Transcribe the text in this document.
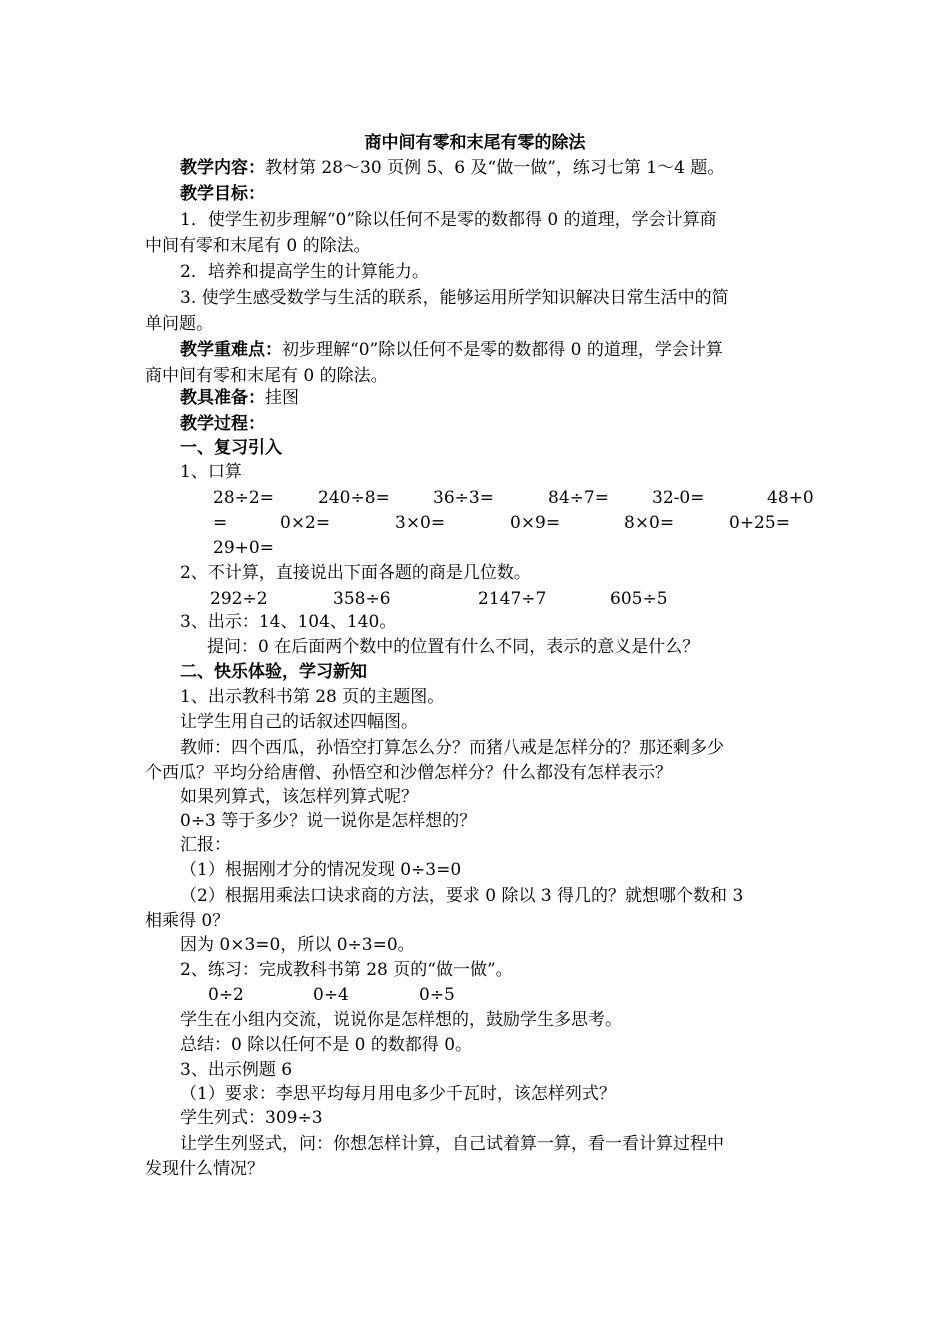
商中间有零和末尾有零的除法
教学内容：教材第 28～30 页例 5、6 及“做一做”，练习七第 1～4 题。
教学目标：
1．使学生初步理解“0”除以任何不是零的数都得 0 的道理，学会计算商
中间有零和末尾有 0 的除法。
2．培养和提高学生的计算能力。
3. 使学生感受数学与生活的联系，能够运用所学知识解决日常生活中的简
单问题。
教学重难点：初步理解“0”除以任何不是零的数都得 0 的道理，学会计算
商中间有零和末尾有 0 的除法。
教具准备：挂图
教学过程：
一、复习引入
1、口算
28÷2=	240÷8=	36÷3=	84÷7=	32-0=	48+0
=	0×2=	3×0=	0×9=	8×0=	0+25=
29+0=
2、不计算，直接说出下面各题的商是几位数。
292÷2	358÷6	2147÷7	605÷5
3、出示：14、104、140。
提问：0 在后面两个数中的位置有什么不同，表示的意义是什么？
二、快乐体验，学习新知
1、出示教科书第 28 页的主题图。
让学生用自己的话叙述四幅图。
教师：四个西瓜，孙悟空打算怎么分？而猪八戒是怎样分的？那还剩多少
个西瓜？平均分给唐僧、孙悟空和沙僧怎样分？什么都没有怎样表示？
如果列算式，该怎样列算式呢？
0÷3 等于多少？说一说你是怎样想的？
汇报：
（1）根据刚才分的情况发现 0÷3=0
（2）根据用乘法口诀求商的方法，要求 0 除以 3 得几的？就想哪个数和 3
相乘得 0？
因为 0×3=0，所以 0÷3=0。
2、练习：完成教科书第 28 页的“做一做”。
0÷2	0÷4	0÷5
学生在小组内交流，说说你是怎样想的，鼓励学生多思考。
总结：0 除以任何不是 0 的数都得 0。
3、出示例题 6
（1）要求：李思平均每月用电多少千瓦时，该怎样列式？
学生列式：309÷3
让学生列竖式，问：你想怎样计算，自己试着算一算，看一看计算过程中
发现什么情况？
